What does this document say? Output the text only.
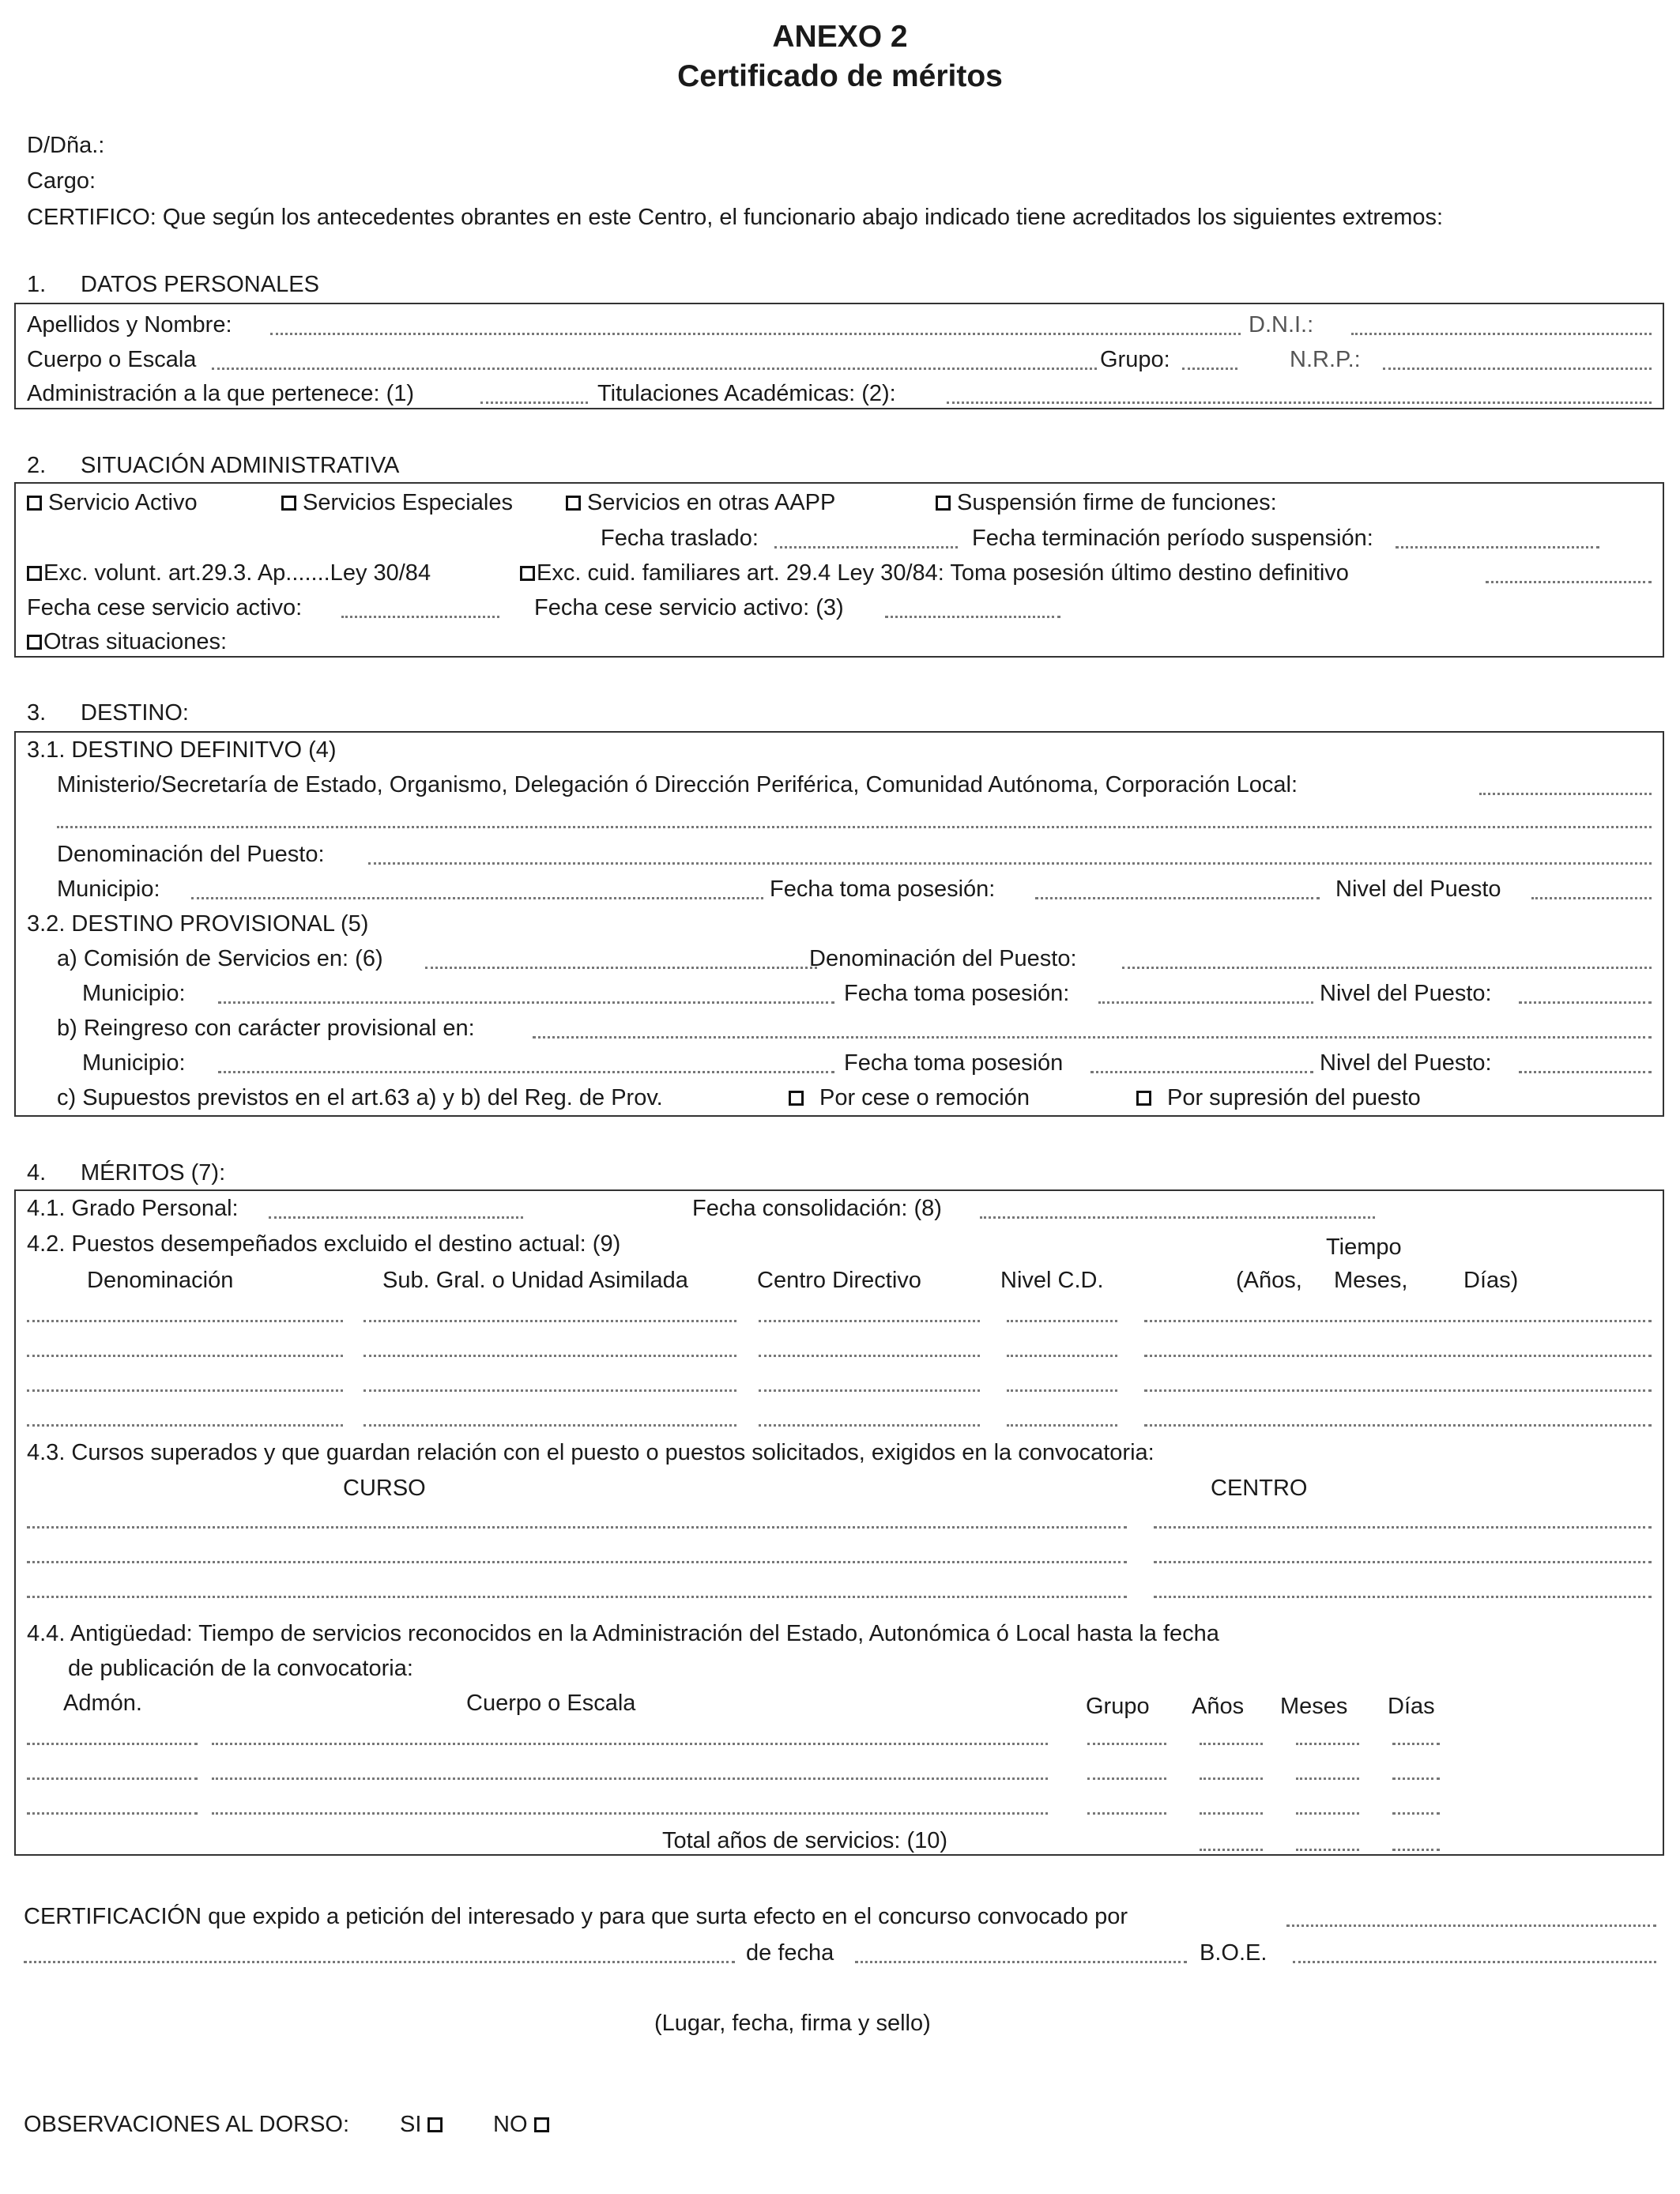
ANEXO 2
Certificado de méritos
D/Dña.:
Cargo:
CERTIFICO: Que según los antecedentes obrantes en este Centro, el funcionario abajo indicado tiene acreditados los siguientes extremos:
1. DATOS PERSONALES
Apellidos y Nombre:	D.N.I.:
Cuerpo o Escala	Grupo:	N.R.P.:
Administración a la que pertenece: (1)	Titulaciones Académicas: (2):
2. SITUACIÓN ADMINISTRATIVA
Servicio Activo	Servicios Especiales	Servicios en otras AAPP	Suspensión firme de funciones:
Fecha traslado:	Fecha terminación período suspensión:
Exc. volunt. art.29.3. Ap.......Ley 30/84	Exc. cuid. familiares art. 29.4 Ley 30/84: Toma posesión último destino definitivo
Fecha cese servicio activo:	Fecha cese servicio activo: (3)
Otras situaciones:
3. DESTINO:
3.1. DESTINO DEFINITVO (4)
Ministerio/Secretaría de Estado, Organismo, Delegación ó Dirección Periférica, Comunidad Autónoma, Corporación Local:
Denominación del Puesto:
Municipio:	Fecha toma posesión:	Nivel del Puesto
3.2. DESTINO PROVISIONAL (5)
a) Comisión de Servicios en: (6)	Denominación del Puesto:
Municipio:	Fecha toma posesión:	Nivel del Puesto:
b) Reingreso con carácter provisional en:
Municipio:	Fecha toma posesión	Nivel del Puesto:
c) Supuestos previstos en el art.63 a) y b) del Reg. de Prov.	Por cese o remoción	Por supresión del puesto
4. MÉRITOS (7):
4.1. Grado Personal:	Fecha consolidación: (8)
4.2. Puestos desempeñados excluido el destino actual: (9)	Tiempo
Denominación	Sub. Gral. o Unidad Asimilada	Centro Directivo	Nivel C.D.	(Años, Meses, Días)
4.3. Cursos superados y que guardan relación con el puesto o puestos solicitados, exigidos en la convocatoria:
CURSO	CENTRO
4.4. Antigüedad: Tiempo de servicios reconocidos en la Administración del Estado, Autonómica ó Local hasta la fecha
de publicación de la convocatoria:
Admón.	Cuerpo o Escala	Grupo Años Meses Días
Total años de servicios: (10)
CERTIFICACIÓN que expido a petición del interesado y para que surta efecto en el concurso convocado por
de fecha	B.O.E.
(Lugar, fecha, firma y sello)
OBSERVACIONES AL DORSO: SI	NO
